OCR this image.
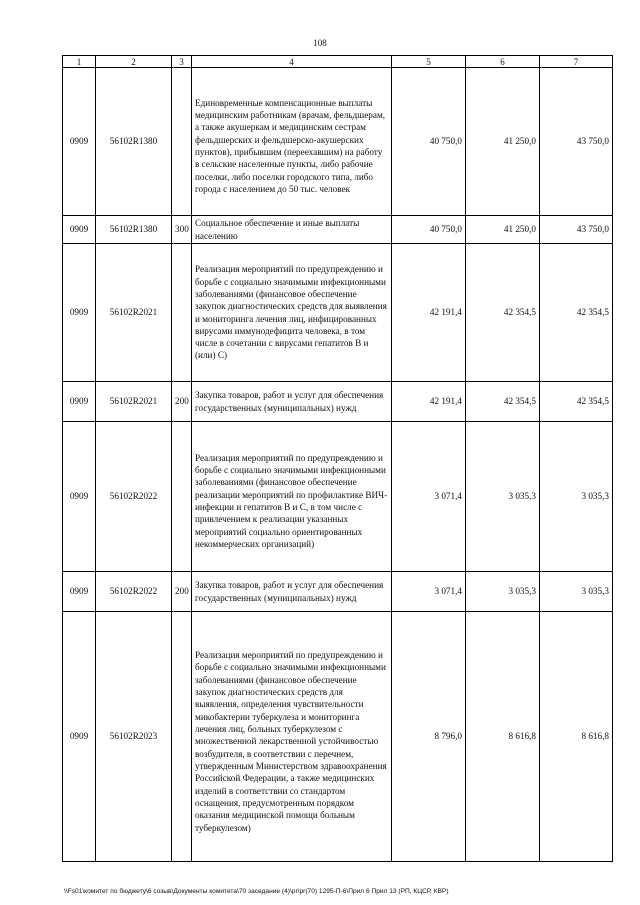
108
1	2	3	4	5	6	7
0909	56102R1380		Единовременные компенсационные выплаты медицинским работникам (врачам, фельдшерам, а также акушеркам и медицинским сестрам фельдшерских и фельдшерско-акушерских пунктов), прибывшим (переехавшим) на работу в сельские населенные пункты, либо рабочие поселки, либо поселки городского типа, либо города с населением до 50 тыс. человек	40 750,0	41 250,0	43 750,0
0909	56102R1380	300	Социальное обеспечение и иные выплаты населению	40 750,0	41 250,0	43 750,0
0909	56102R2021		Реализация мероприятий по предупреждению и борьбе с социально значимыми инфекционными заболеваниями (финансовое обеспечение закупок диагностических средств для выявления и мониторинга лечения лиц, инфицированных вирусами иммунодефицита человека, в том числе в сочетании с вирусами гепатитов В и (или) С)	42 191,4	42 354,5	42 354,5
0909	56102R2021	200	Закупка товаров, работ и услуг для обеспечения государственных (муниципальных) нужд	42 191,4	42 354,5	42 354,5
0909	56102R2022		Реализация мероприятий по предупреждению и борьбе с социально значимыми инфекционными заболеваниями (финансовое обеспечение реализации мероприятий по профилактике ВИЧ-инфекции и гепатитов В и С, в том числе с привлечением к реализации указанных мероприятий социально ориентированных некоммерческих организаций)	3 071,4	3 035,3	3 035,3
0909	56102R2022	200	Закупка товаров, работ и услуг для обеспечения государственных (муниципальных) нужд	3 071,4	3 035,3	3 035,3
0909	56102R2023		Реализация мероприятий по предупреждению и борьбе с социально значимыми инфекционными заболеваниями (финансовое обеспечение закупок диагностических средств для выявления, определения чувствительности микобактерии туберкулеза и мониторинга лечения лиц, больных туберкулезом с множественной лекарственной устойчивостью возбудителя, в соответствии с перечнем, утвержденным Министерством здравоохранения Российской Федерации, а также медицинских изделий в соответствии со стандартом оснащения, предусмотренным порядком оказания медицинской помощи больным туберкулезом)	8 796,0	8 616,8	8 616,8
\\Fs01\комитет по бюджету\6 созыв\Документы комитета\70 заседание (4)\pr\pr(70) 1295-П-6\Прил 6 Прил 13 (РП, КЦСР, КВР)
